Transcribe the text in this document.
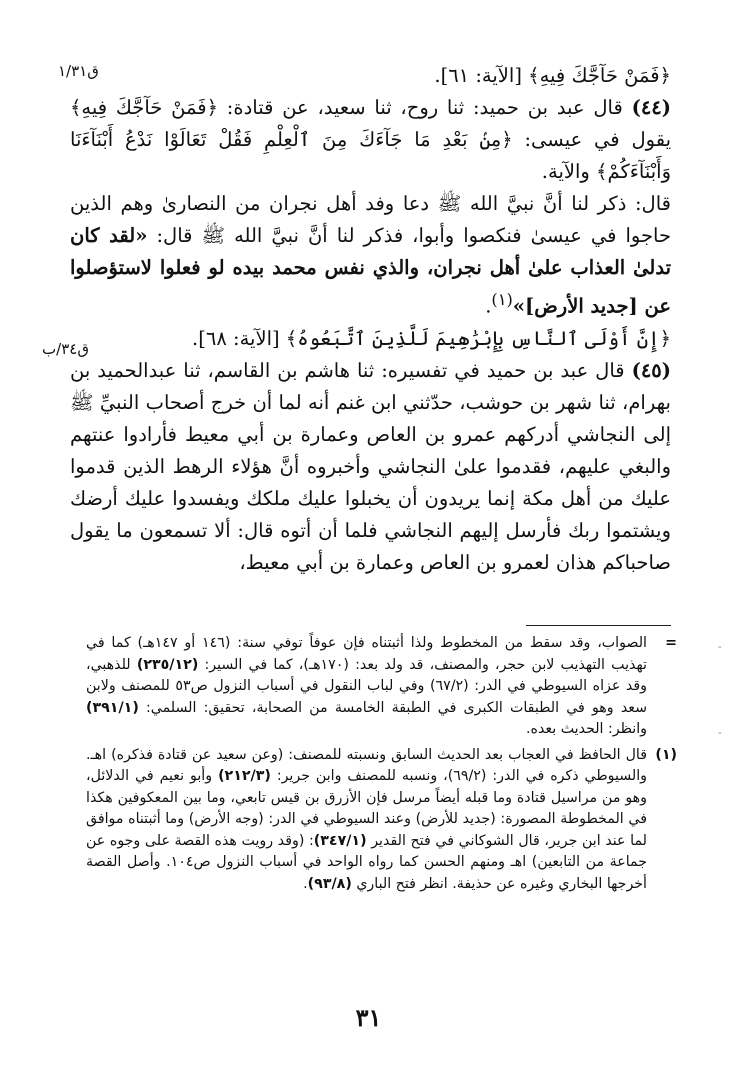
ق١/٣١
ق٣٤/ب

﴿فَمَنْ حَآجَّكَ فِيهِ﴾ [الآية: ٦١].

(٤٤) قال عبد بن حميد: ثنا روح، ثنا سعيد، عن قتادة: ﴿فَمَنْ حَآجَّكَ فِيهِ﴾ يقول في عيسى: ﴿مِنۢ بَعْدِ مَا جَآءَكَ مِنَ ٱلْعِلْمِ فَقُلْ تَعَالَوْا نَدْعُ أَبْنَآءَنَا وَأَبْنَآءَكُمْ﴾ والآية.

قال: ذكر لنا أنَّ نبيَّ الله ﷺ دعا وفد أهل نجران من النصارىٰ وهم الذين حاجوا في عيسىٰ فنكصوا وأبوا، فذكر لنا أنَّ نبيَّ الله ﷺ قال: «لقد كان تدلىٰ العذاب علىٰ أهل نجران، والذي نفس محمد بيده لو فعلوا لاستؤصلوا عن [جديد الأرض]»$^{(١)}$.

﴿إِنَّ أَوْلَى ٱلنَّاسِ بِإِبْرَٰهِيمَ لَلَّذِينَ ٱتَّبَعُوهُ﴾ [الآية: ٦٨].

(٤٥) قال عبد بن حميد في تفسيره: ثنا هاشم بن القاسم، ثنا عبدالحميد بن بهرام، ثنا شهر بن حوشب، حدّثني ابن غنم أنه لما أن خرج أصحاب النبيِّ ﷺ إلى النجاشي أدركهم عمرو بن العاص وعمارة بن أبي معيط فأرادوا عنتهم والبغي عليهم، فقدموا علىٰ النجاشي وأخبروه أنَّ هؤلاء الرهط الذين قدموا عليك من أهل مكة إنما يريدون أن يخبلوا عليك ملكك ويفسدوا عليك أرضك ويشتموا ربك فأرسل إليهم النجاشي فلما أن أتوه قال: ألا تسمعون ما يقول صاحباكم هذان لعمرو بن العاص وعمارة بن أبي معيط،

=
الصواب، وقد سقط من المخطوط ولذا أثبتناه فإن عوفاً توفي سنة: (١٤٦ أو ١٤٧هـ) كما في تهذيب التهذيب لابن حجر، والمصنف، قد ولد بعد: (١٧٠هـ)، كما في السير: (٢٣٥/١٢) للذهبي، وقد عزاه السيوطي في الدر: (٦٧/٢) وفي لباب النقول في أسباب النزول ص٥٣ للمصنف ولابن سعد وهو في الطبقات الكبرى في الطبقة الخامسة من الصحابة، تحقيق: السلمي: (٣٩١/١) وانظر: الحديث بعده.

(١)
قال الحافظ في العجاب بعد الحديث السابق ونسبته للمصنف: (وعن سعيد عن قتادة فذكره) اهـ. والسيوطي ذكره في الدر: (٦٩/٢)، ونسبه للمصنف وابن جرير: (٢١٢/٣) وأبو نعيم في الدلائل، وهو من مراسيل قتادة وما قبله أيضاً مرسل فإن الأزرق بن قيس تابعي، وما بين المعكوفين هكذا في المخطوطة المصورة: (جديد للأرض) وعند السيوطي في الدر: (وجه الأرض) وما أثبتناه موافق لما عند ابن جرير، قال الشوكاني في فتح القدير (٣٤٧/١): (وقد رويت هذه القصة على وجوه عن جماعة من التابعين) اهـ ومنهم الحسن كما رواه الواحد في أسباب النزول ص١٠٤. وأصل القصة أخرجها البخاري وغيره عن حذيفة. انظر فتح الباري (٩٣/٨).

٣١
-
-
